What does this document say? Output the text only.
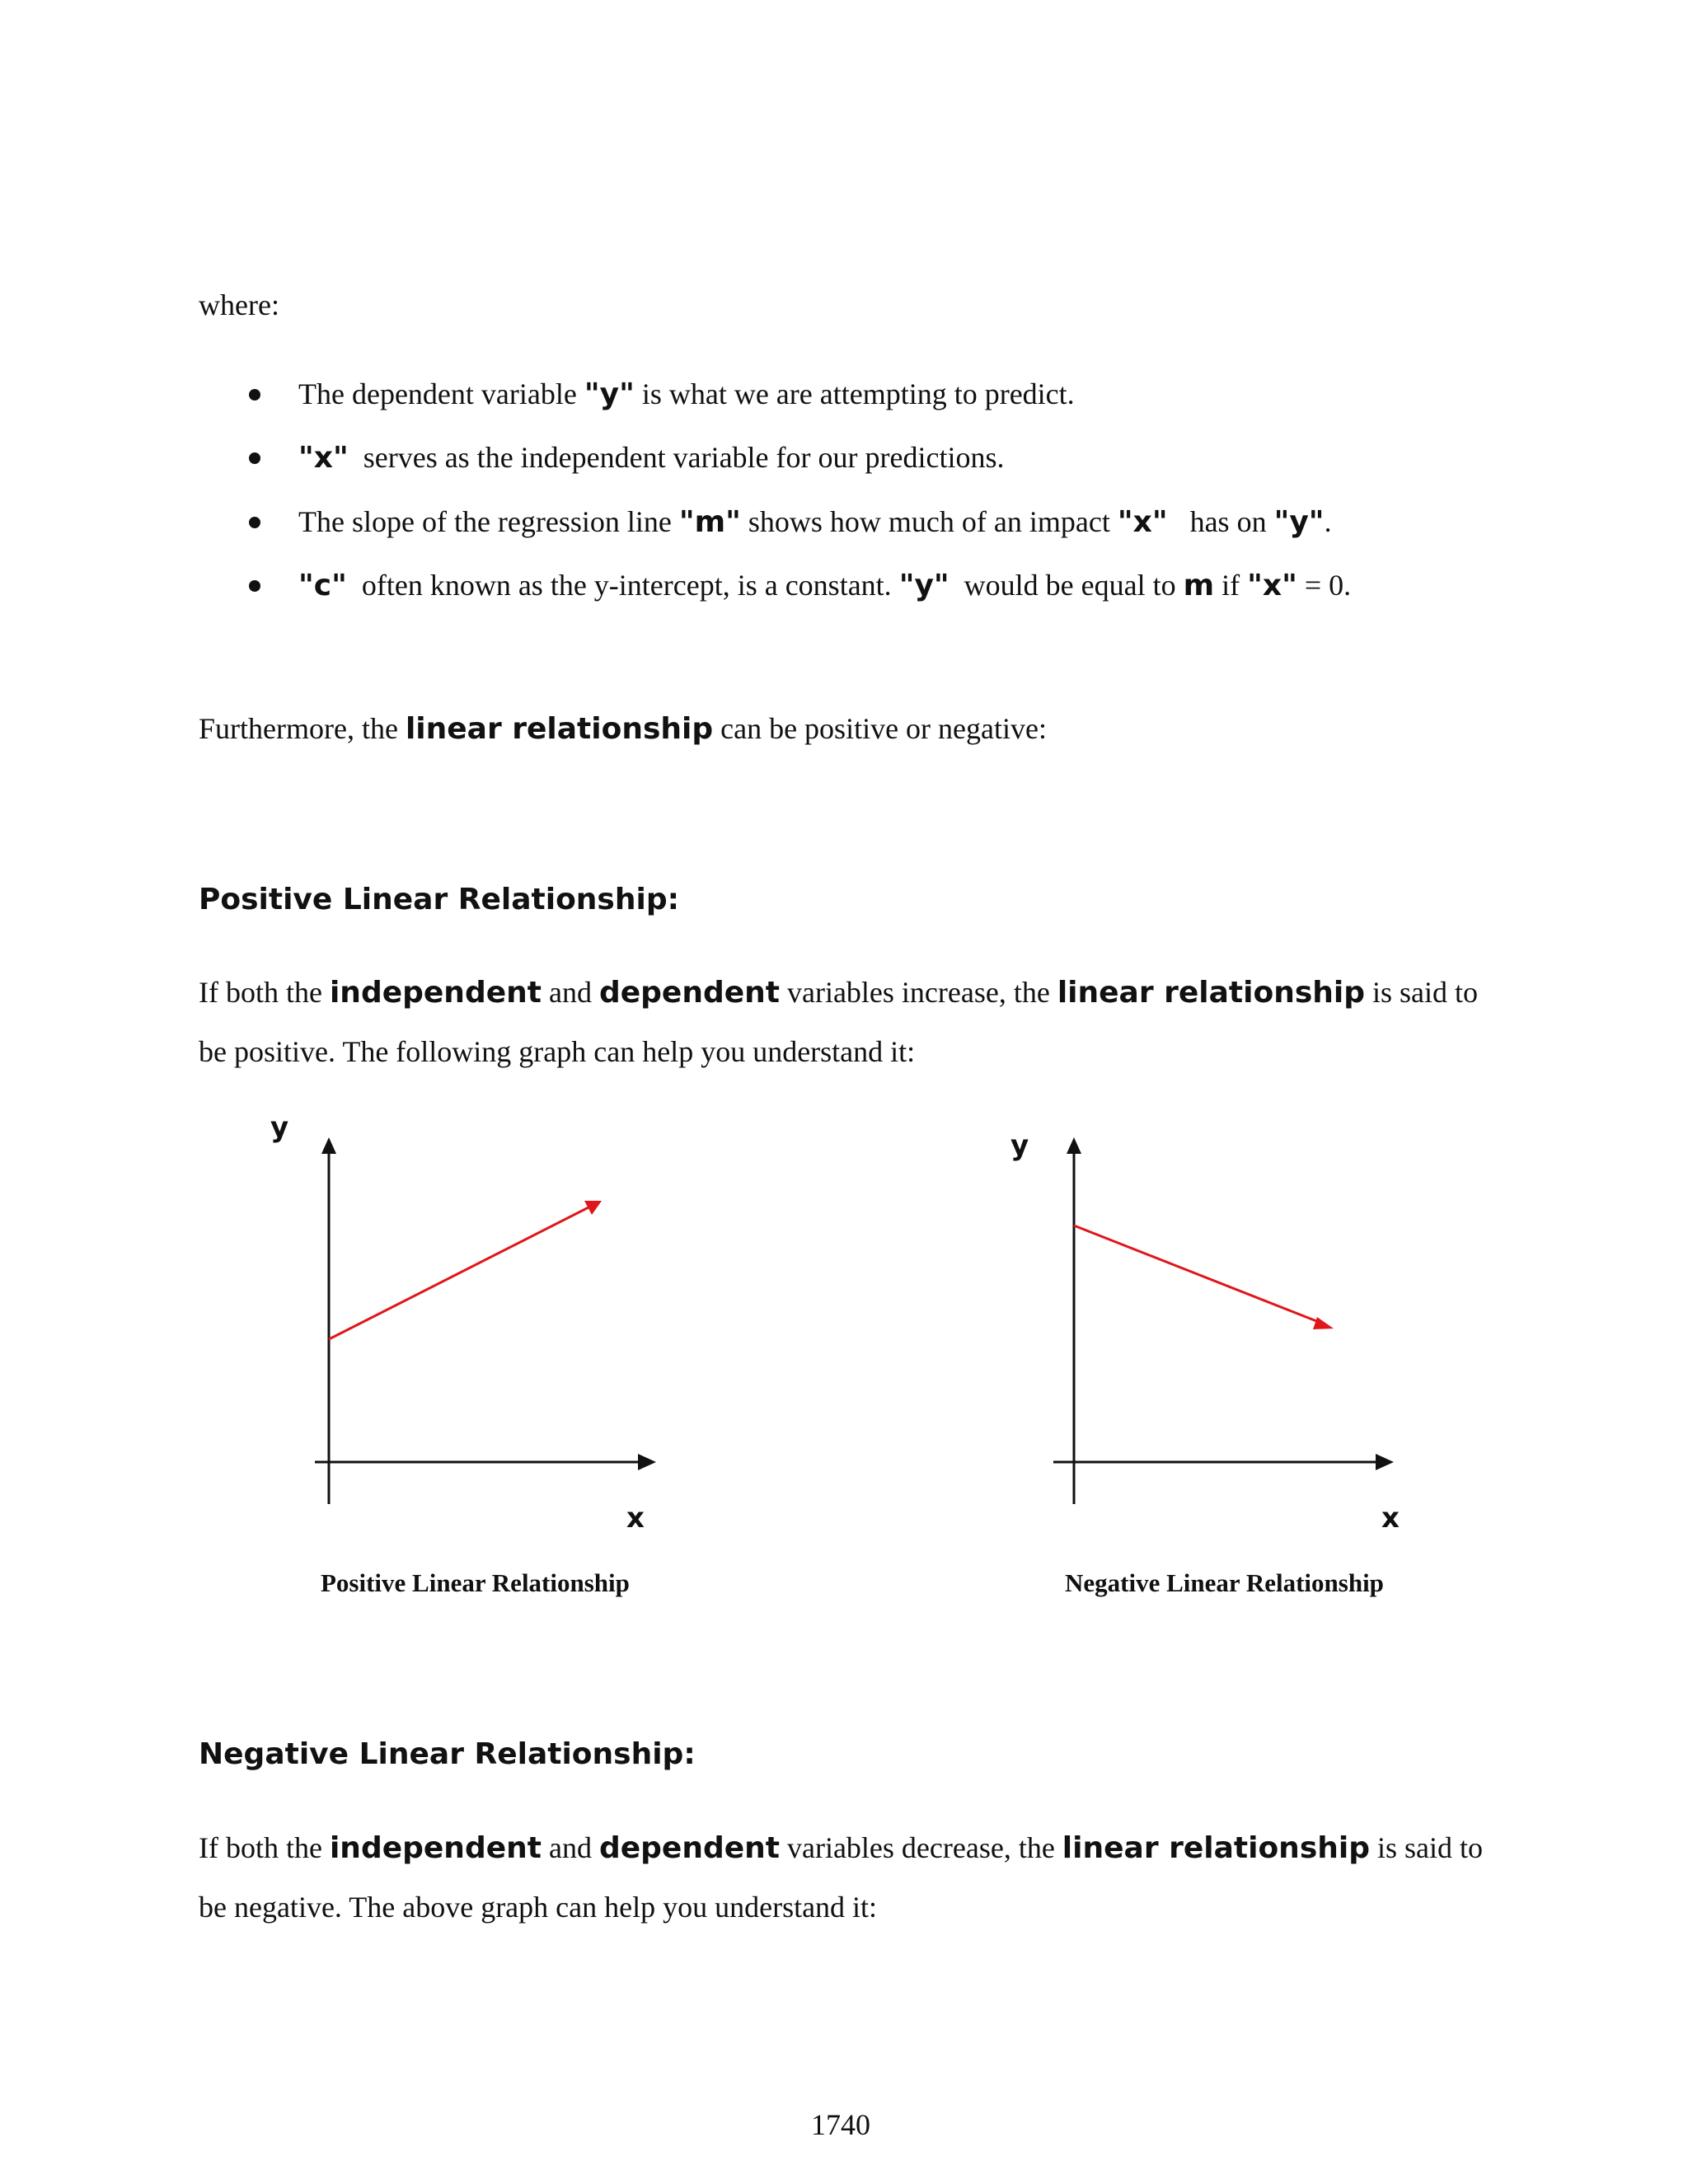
where:
The dependent variable "y" is what we are attempting to predict.
"x"  serves as the independent variable for our predictions.
The slope of the regression line "m" shows how much of an impact "x"   has on "y".
"c"  often known as the y-intercept, is a constant. "y"  would be equal to m if "x" = 0.
Furthermore, the linear relationship can be positive or negative:
Positive Linear Relationship:
If both the independent and dependent variables increase, the linear relationship is said to
be positive. The following graph can help you understand it:
y
x
Positive Linear Relationship
y
x
Negative Linear Relationship
Negative Linear Relationship:
If both the independent and dependent variables decrease, the linear relationship is said to
be negative. The above graph can help you understand it:
1740
